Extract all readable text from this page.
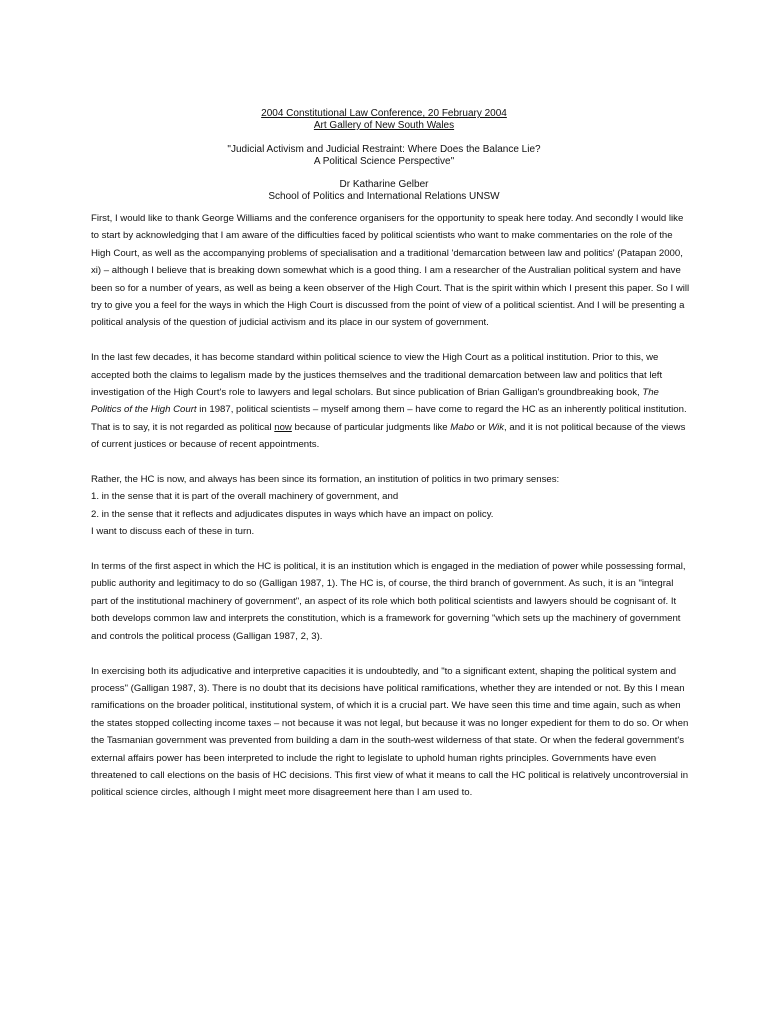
2004 Constitutional Law Conference, 20 February 2004
Art Gallery of New South Wales
"Judicial Activism and Judicial Restraint: Where Does the Balance Lie?
A Political Science Perspective"
Dr Katharine Gelber
School of Politics and International Relations UNSW

First, I would like to thank George Williams and the conference organisers for the opportunity to speak here today. And secondly I would like to start by acknowledging that I am aware of the difficulties faced by political scientists who want to make commentaries on the role of the High Court, as well as the accompanying problems of specialisation and a traditional 'demarcation between law and politics' (Patapan 2000, xi) – although I believe that is breaking down somewhat which is a good thing. I am a researcher of the Australian political system and have been so for a number of years, as well as being a keen observer of the High Court. That is the spirit within which I present this paper. So I will try to give you a feel for the ways in which the High Court is discussed from the point of view of a political scientist. And I will be presenting a political analysis of the question of judicial activism and its place in our system of government.

In the last few decades, it has become standard within political science to view the High Court as a political institution. Prior to this, we accepted both the claims to legalism made by the justices themselves and the traditional demarcation between law and politics that left investigation of the High Court's role to lawyers and legal scholars. But since publication of Brian Galligan's groundbreaking book, The Politics of the High Court in 1987, political scientists – myself among them – have come to regard the HC as an inherently political institution. That is to say, it is not regarded as political now because of particular judgments like Mabo or Wik, and it is not political because of the views of current justices or because of recent appointments.

Rather, the HC is now, and always has been since its formation, an institution of politics in two primary senses:
1. in the sense that it is part of the overall machinery of government, and
2. in the sense that it reflects and adjudicates disputes in ways which have an impact on policy.
I want to discuss each of these in turn.

In terms of the first aspect in which the HC is political, it is an institution which is engaged in the mediation of power while possessing formal, public authority and legitimacy to do so (Galligan 1987, 1). The HC is, of course, the third branch of government. As such, it is an "integral part of the institutional machinery of government", an aspect of its role which both political scientists and lawyers should be cognisant of. It both develops common law and interprets the constitution, which is a framework for governing "which sets up the machinery of government and controls the political process (Galligan 1987, 2, 3).

In exercising both its adjudicative and interpretive capacities it is undoubtedly, and "to a significant extent, shaping the political system and process" (Galligan 1987, 3). There is no doubt that its decisions have political ramifications, whether they are intended or not. By this I mean ramifications on the broader political, institutional system, of which it is a crucial part. We have seen this time and time again, such as when the states stopped collecting income taxes – not because it was not legal, but because it was no longer expedient for them to do so. Or when the Tasmanian government was prevented from building a dam in the south-west wilderness of that state. Or when the federal government's external affairs power has been interpreted to include the right to legislate to uphold human rights principles. Governments have even threatened to call elections on the basis of HC decisions. This first view of what it means to call the HC political is relatively uncontroversial in political science circles, although I might meet more disagreement here than I am used to.
